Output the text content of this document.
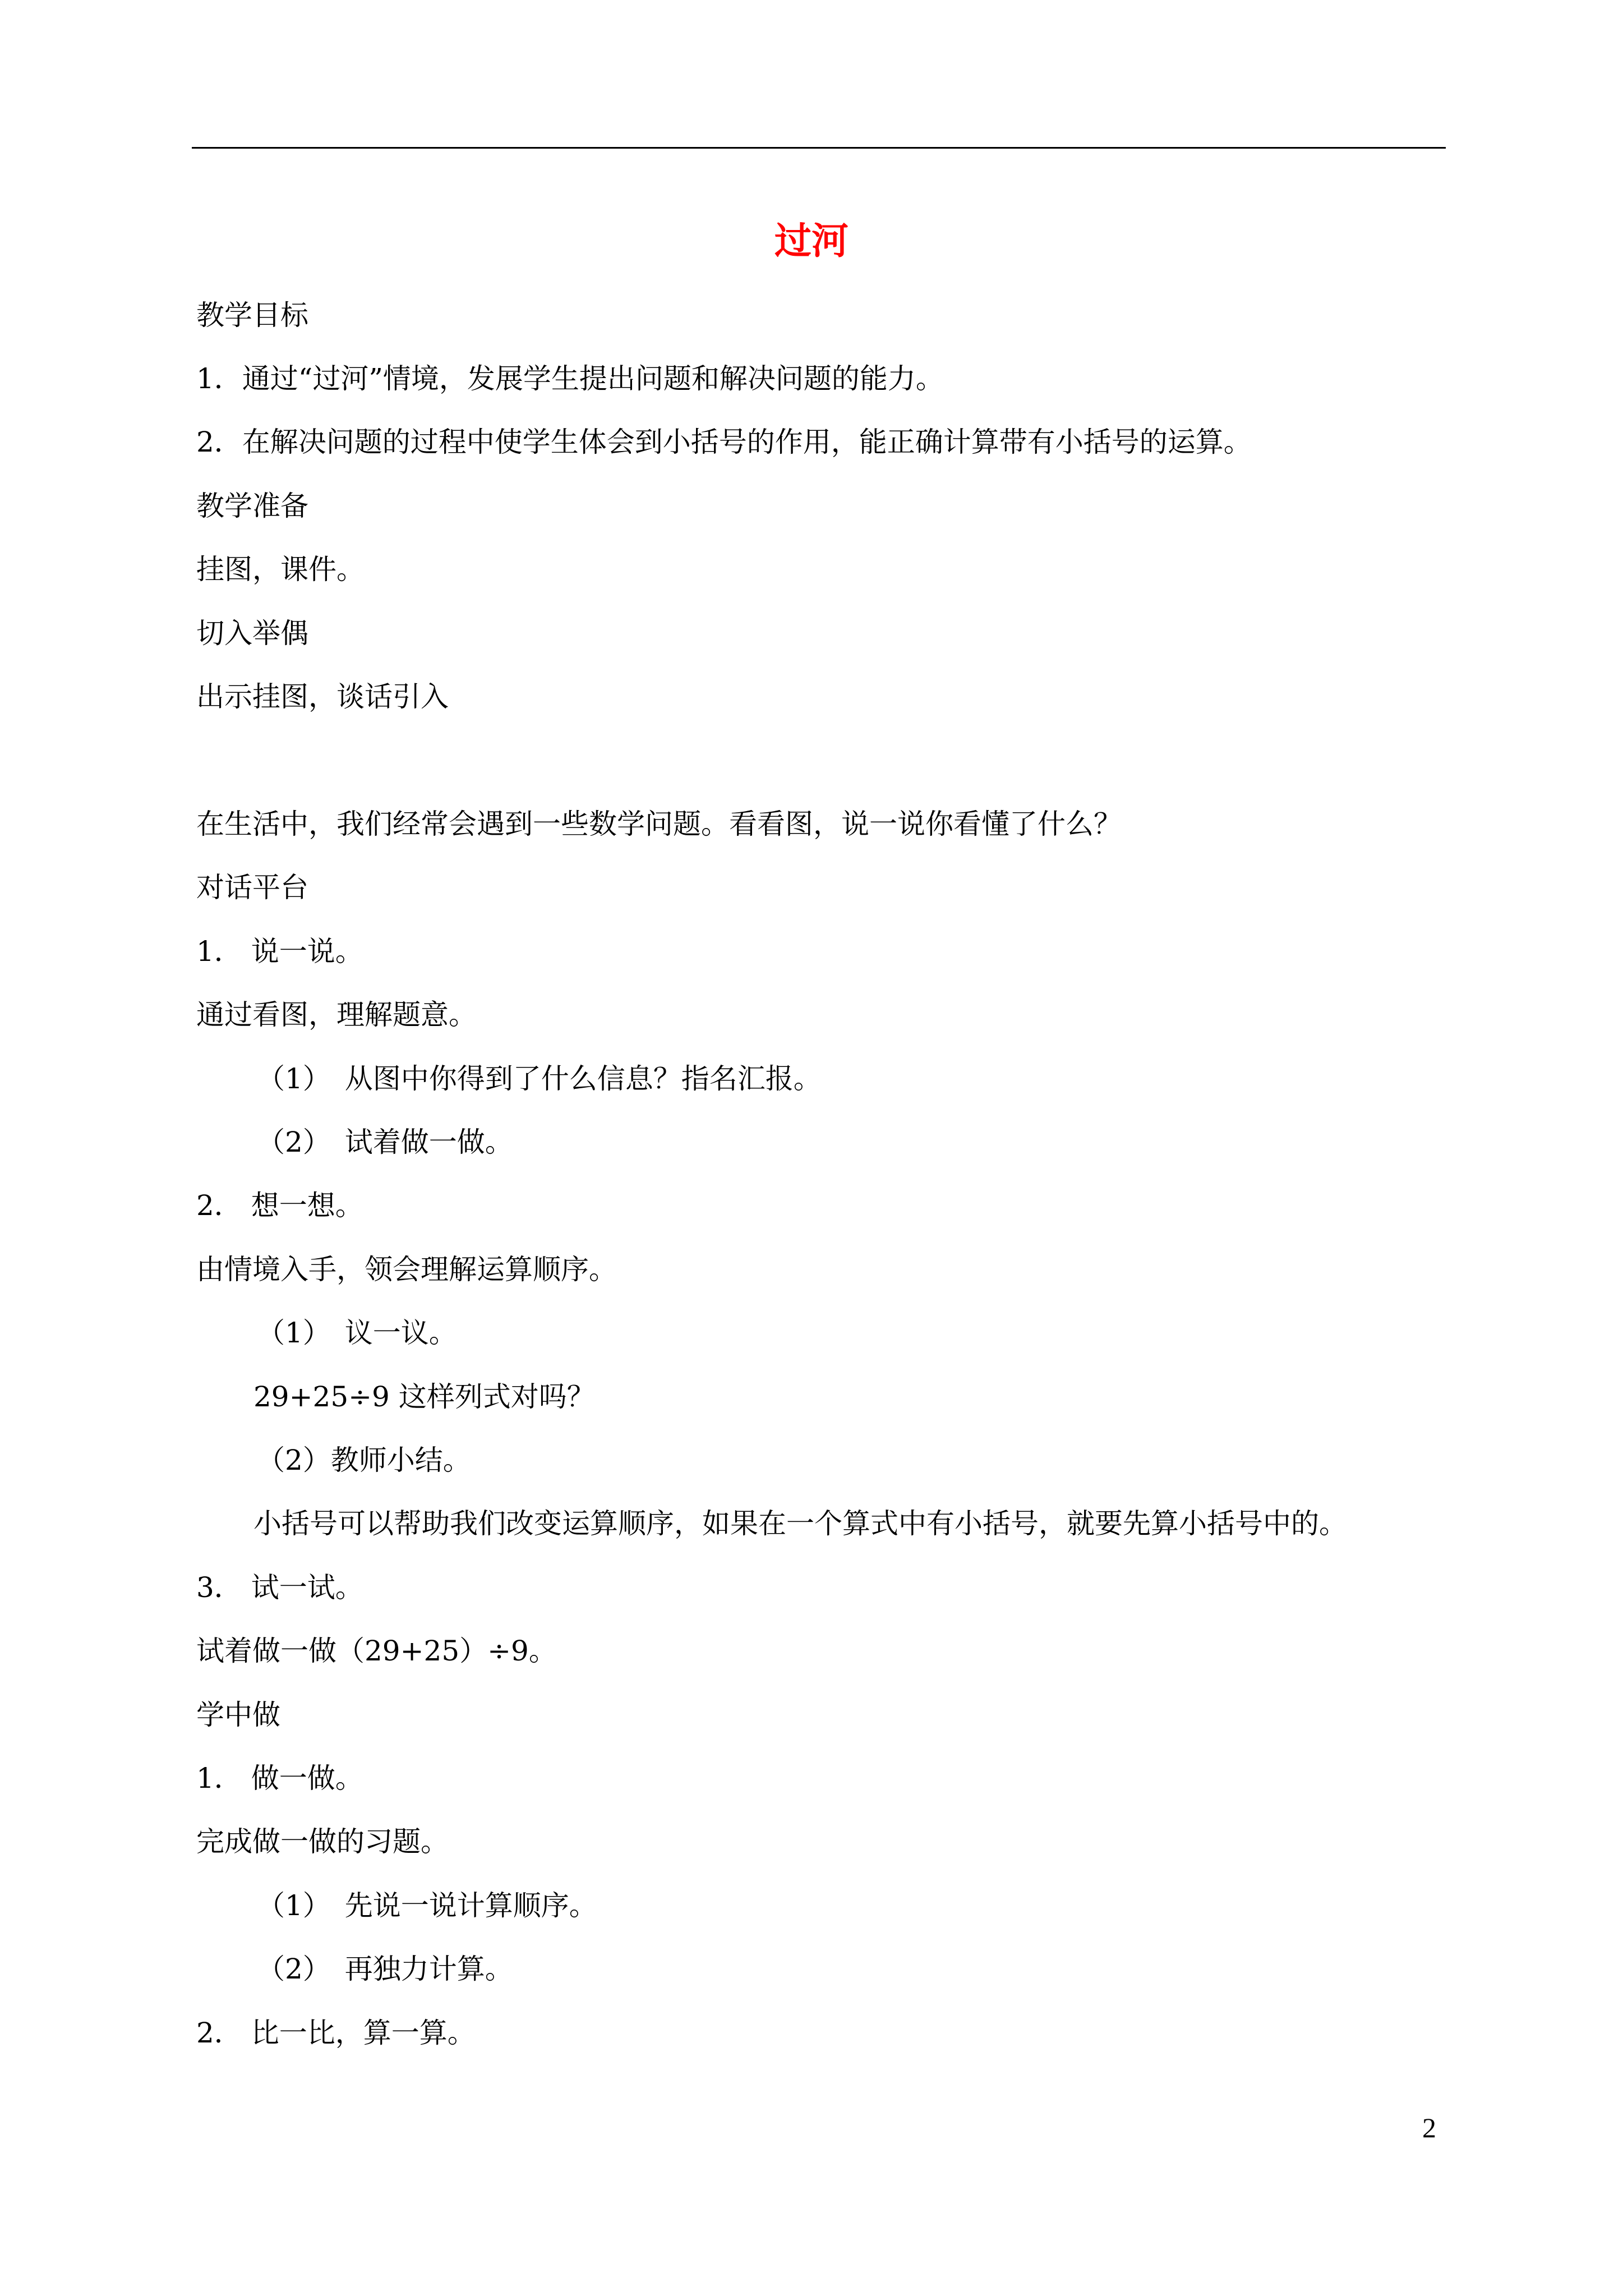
过河
教学目标
1．通过“过河”情境，发展学生提出问题和解决问题的能力。
2．在解决问题的过程中使学生体会到小括号的作用，能正确计算带有小括号的运算。
教学准备
挂图，课件。
切入举偶
出示挂图，谈话引入
在生活中，我们经常会遇到一些数学问题。看看图，说一说你看懂了什么？
对话平台
1． 说一说。
通过看图，理解题意。
（1）　从图中你得到了什么信息？指名汇报。
（2）　试着做一做。
2． 想一想。
由情境入手，领会理解运算顺序。
（1）　议一议。
29+25÷9 这样列式对吗？
（2）教师小结。
小括号可以帮助我们改变运算顺序，如果在一个算式中有小括号，就要先算小括号中的。
3． 试一试。
试着做一做（29+25）÷9。
学中做
1． 做一做。
完成做一做的习题。
（1）　先说一说计算顺序。
（2）　再独力计算。
2． 比一比，算一算。
2
